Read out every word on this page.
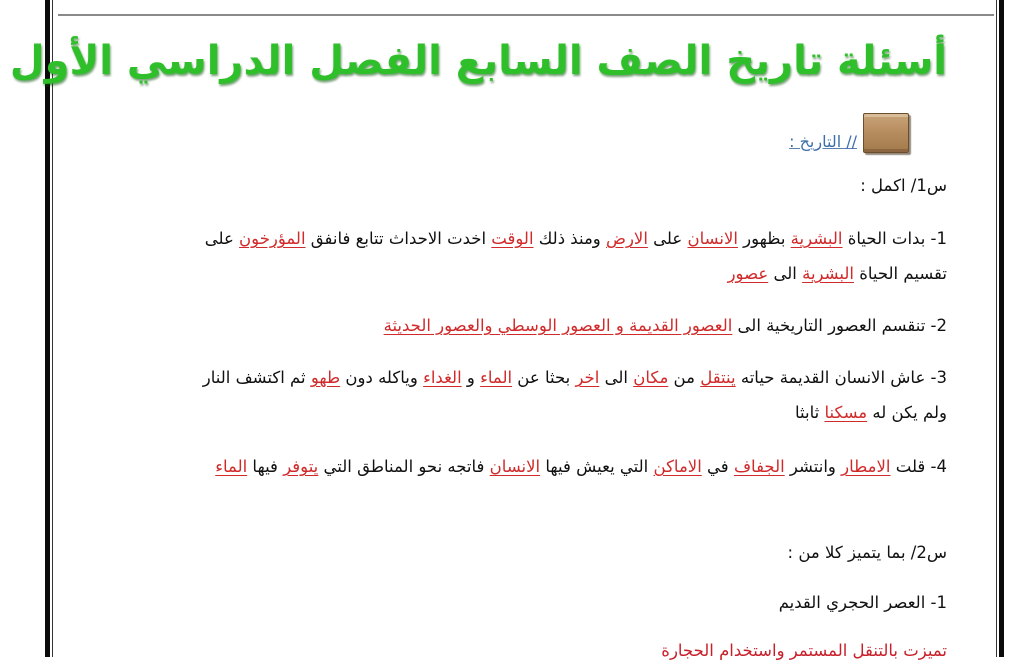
أسئلة تاريخ الصف السابع الفصل الدراسي الأول
// التاريخ :
س1/ اكمل :
1- بدات الحياة البشرية بظهور الانسان على الارض ومنذ ذلك الوقت اخدت الاحداث تتابع فانفق المؤرخون على تقسيم الحياة البشرية الى عصور
2- تنقسم العصور التاريخية الى العصور القديمة و العصور الوسطي والعصور الحديثة
3- عاش الانسان القديمة حياته ينتقل من مكان الى اخر بحثا عن الماء و الغداء وياكله دون طهو ثم اكتشف النار ولم يكن له مسكنا ثابثا
4- قلت الامطار وانتشر الجفاف في الاماكن التي يعيش فيها الانسان فاتجه نحو المناطق التي يتوفر فيها الماء
س2/ بما يتميز كلا من :
1- العصر الحجري القديم
تميزت بالتنقل المستمر واستخدام الحجارة
